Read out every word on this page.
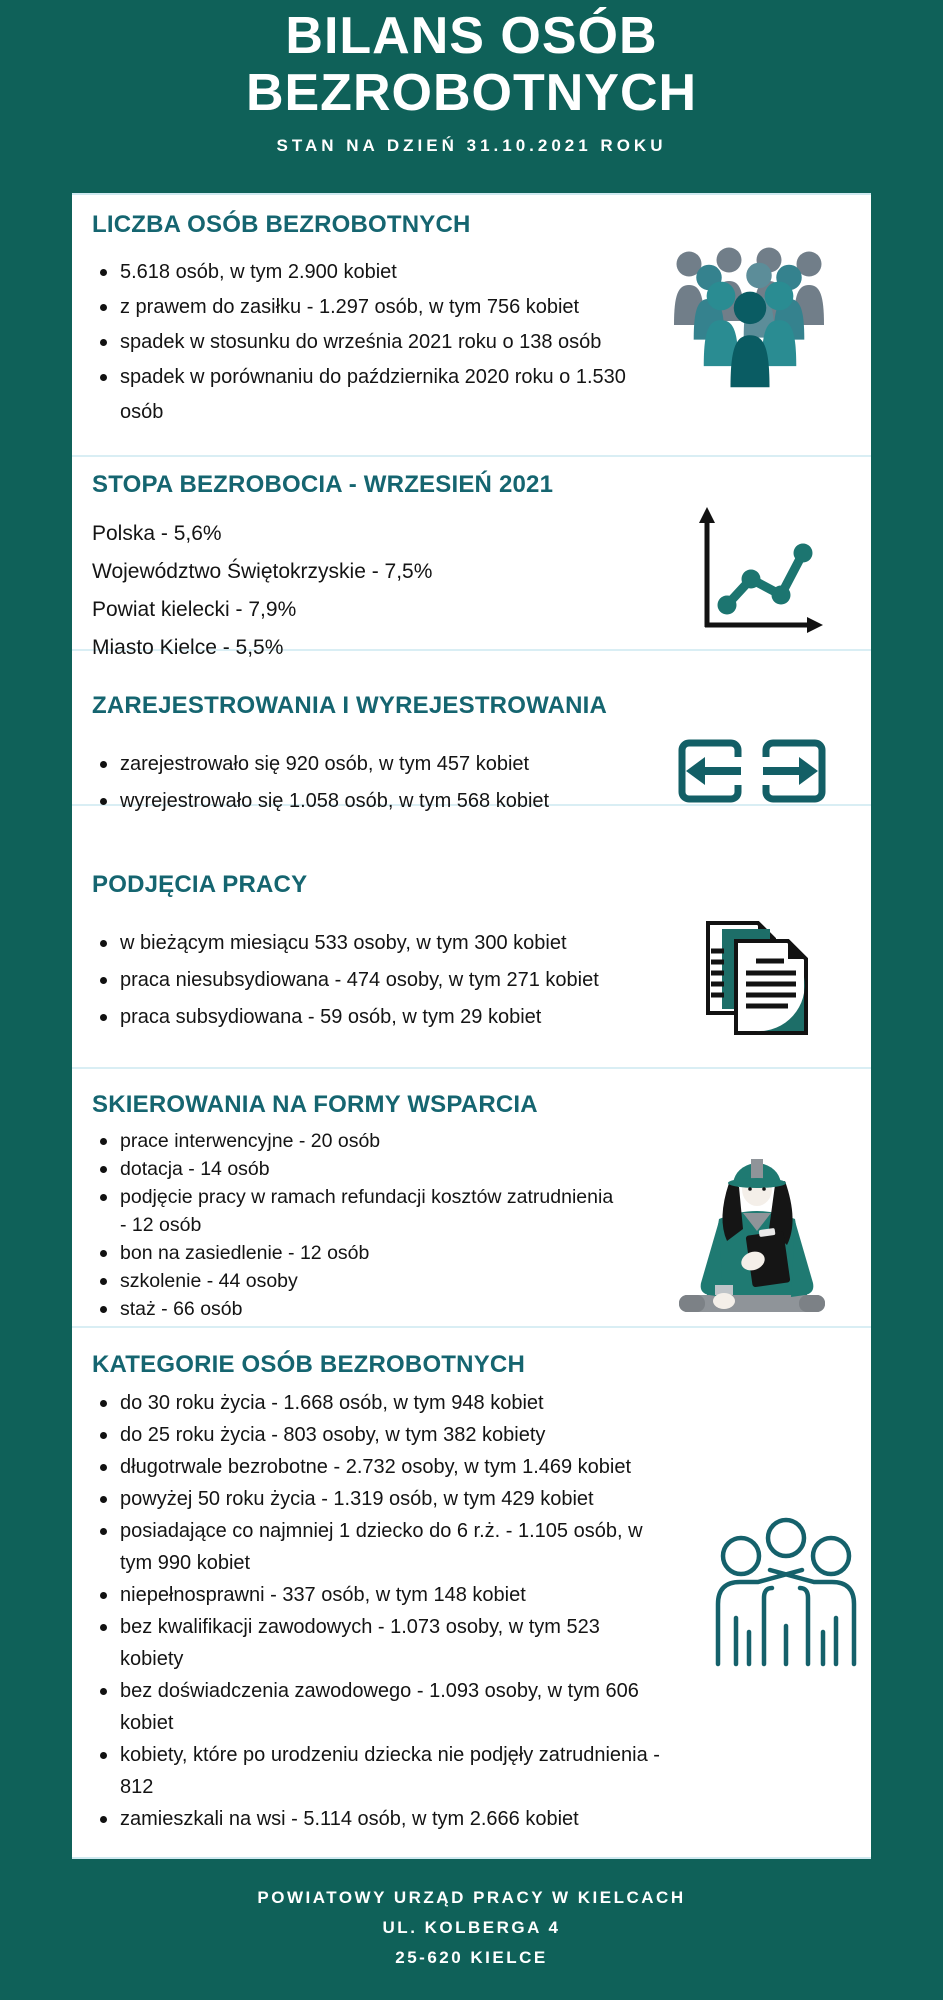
BILANS OSÓB
BEZROBOTNYCH
STAN NA DZIEŃ 31.10.2021 ROKU
LICZBA OSÓB BEZROBOTNYCH
5.618 osób, w tym 2.900 kobiet
z prawem do zasiłku - 1.297 osób, w tym 756 kobiet
spadek w stosunku do września 2021 roku o 138 osób
spadek w porównaniu do października 2020 roku o 1.530 osób
STOPA BEZROBOCIA - WRZESIEŃ 2021
Polska - 5,6%
Województwo Świętokrzyskie - 7,5%
Powiat kielecki - 7,9%
Miasto Kielce - 5,5%
ZAREJESTROWANIA I WYREJESTROWANIA
zarejestrowało się 920 osób, w tym 457 kobiet
wyrejestrowało się 1.058 osób, w tym 568 kobiet
PODJĘCIA PRACY
w bieżącym miesiącu 533 osoby, w tym 300 kobiet
praca niesubsydiowana - 474 osoby, w tym 271 kobiet
praca subsydiowana - 59 osób, w tym 29 kobiet
SKIEROWANIA NA FORMY WSPARCIA
prace interwencyjne - 20 osób
dotacja - 14 osób
podjęcie pracy w ramach refundacji kosztów zatrudnienia - 12 osób
bon na zasiedlenie - 12 osób
szkolenie - 44 osoby
staż - 66 osób
KATEGORIE OSÓB BEZROBOTNYCH
do 30 roku życia - 1.668 osób, w tym 948 kobiet
do 25 roku życia - 803 osoby, w tym 382 kobiety
długotrwale bezrobotne - 2.732 osoby, w tym 1.469 kobiet
powyżej 50 roku życia - 1.319 osób, w tym 429 kobiet
posiadające co najmniej 1 dziecko do 6 r.ż. - 1.105 osób, w tym 990 kobiet
niepełnosprawni - 337 osób, w tym 148 kobiet
bez kwalifikacji zawodowych - 1.073 osoby, w tym 523 kobiety
bez doświadczenia zawodowego - 1.093 osoby, w tym 606 kobiet
kobiety, które po urodzeniu dziecka nie podjęły zatrudnienia - 812
zamieszkali na wsi - 5.114 osób, w tym 2.666 kobiet
POWIATOWY URZĄD PRACY W KIELCACH
UL. KOLBERGA 4
25-620 KIELCE
